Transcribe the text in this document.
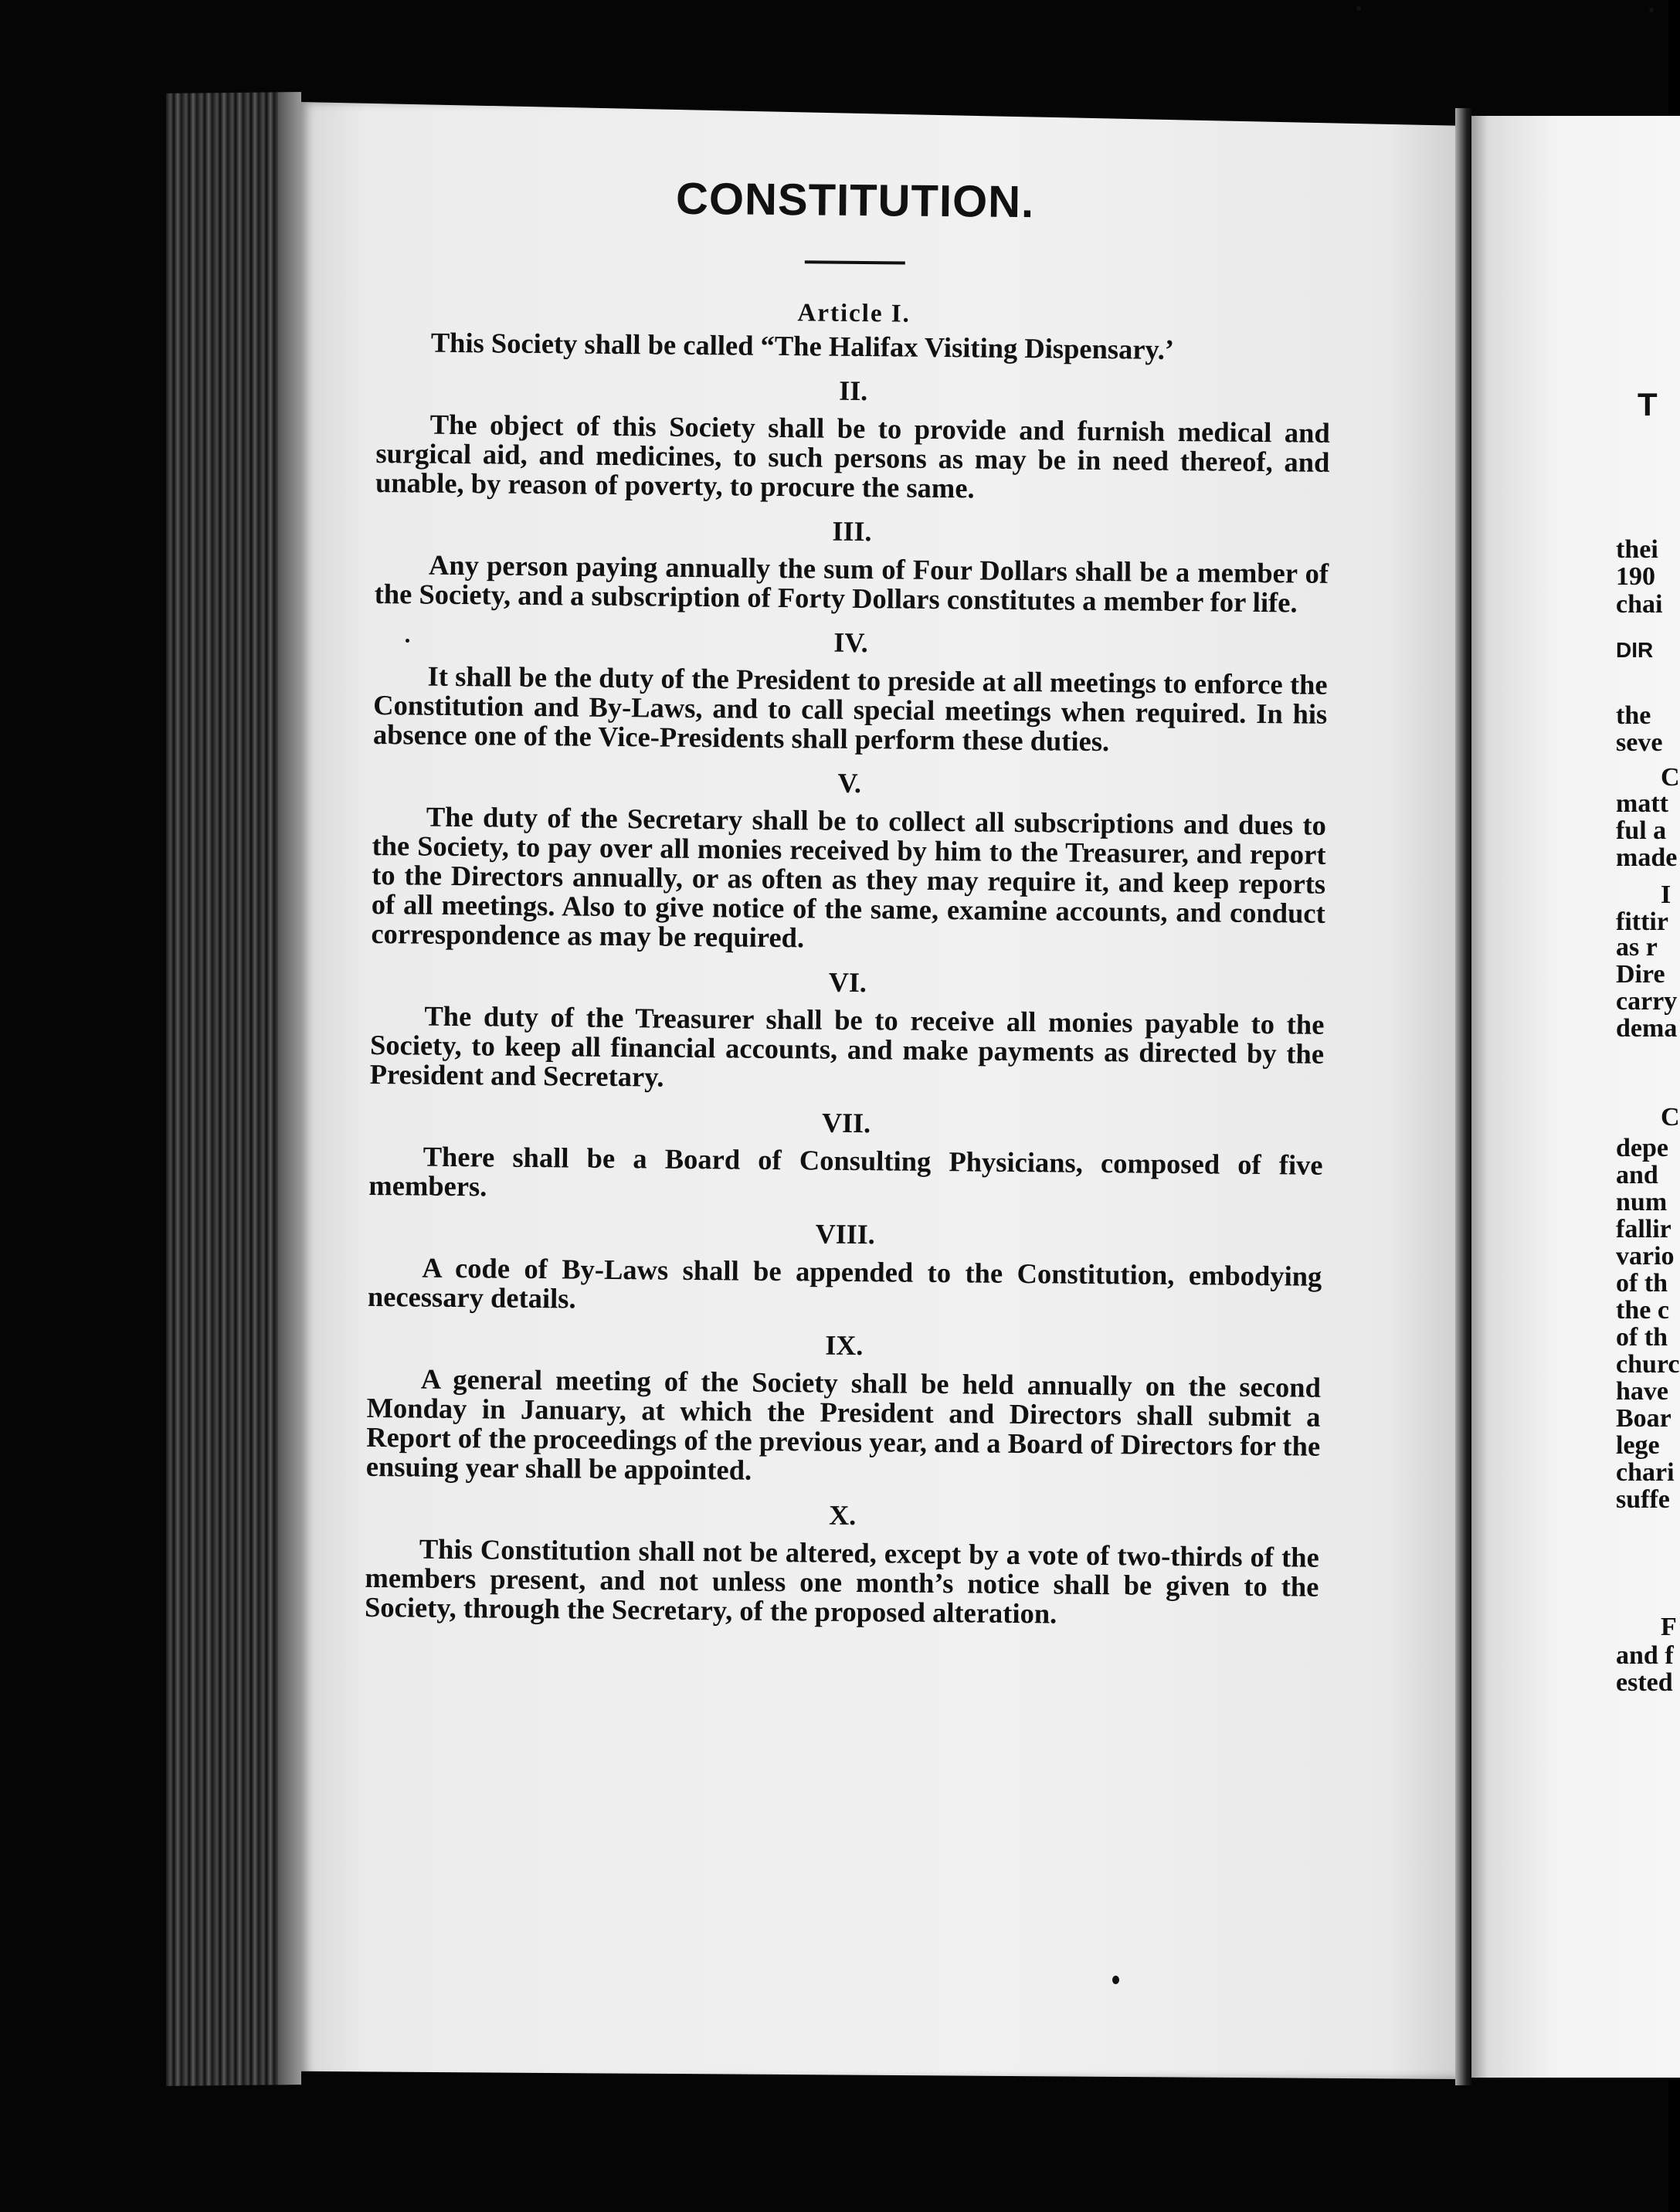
T
thei
190
chai
DIR
the
seve
C
matt
ful a
made
I
fittir
as r
Dire
carry
dema
C
depe
and
num
fallir
vario
of th
the c
of th
churc
have
Boar
lege
chari
suffe
F
and f
ested
CONSTITUTION.
Article I.

This Society shall be called “The Halifax Visiting Dispensary.’

II.

The object of this Society shall be to provide and furnish medical and surgical aid, and medicines, to such persons as may be in need thereof, and unable, by reason of poverty, to procure the same.

III.

Any person paying annually the sum of Four Dollars shall be a member of the Society, and a subscription of Forty Dollars constitutes a member for life.

IV.

It shall be the duty of the President to preside at all meetings to enforce the Constitution and By-Laws, and to call special meetings when required. In his absence one of the Vice-Presidents shall perform these duties.

V.

The duty of the Secretary shall be to collect all subscriptions and dues to the Society, to pay over all monies received by him to the Treasurer, and report to the Directors annually, or as often as they may require it, and keep reports of all meetings. Also to give notice of the same, examine accounts, and conduct correspondence as may be required.

VI.

The duty of the Treasurer shall be to receive all monies payable to the Society, to keep all financial accounts, and make payments as directed by the President and Secretary.

VII.

There shall be a Board of Consulting Physicians, composed of five members.

VIII.

A code of By-Laws shall be appended to the Constitution, embodying necessary details.

IX.

A general meeting of the Society shall be held annually on the second Monday in January, at which the President and Directors shall submit a Report of the proceedings of the previous year, and a Board of Directors for the ensuing year shall be appointed.

X.

This Constitution shall not be altered, except by a vote of two-thirds of the members present, and not unless one month’s notice shall be given to the Society, through the Secretary, of the proposed alteration.
